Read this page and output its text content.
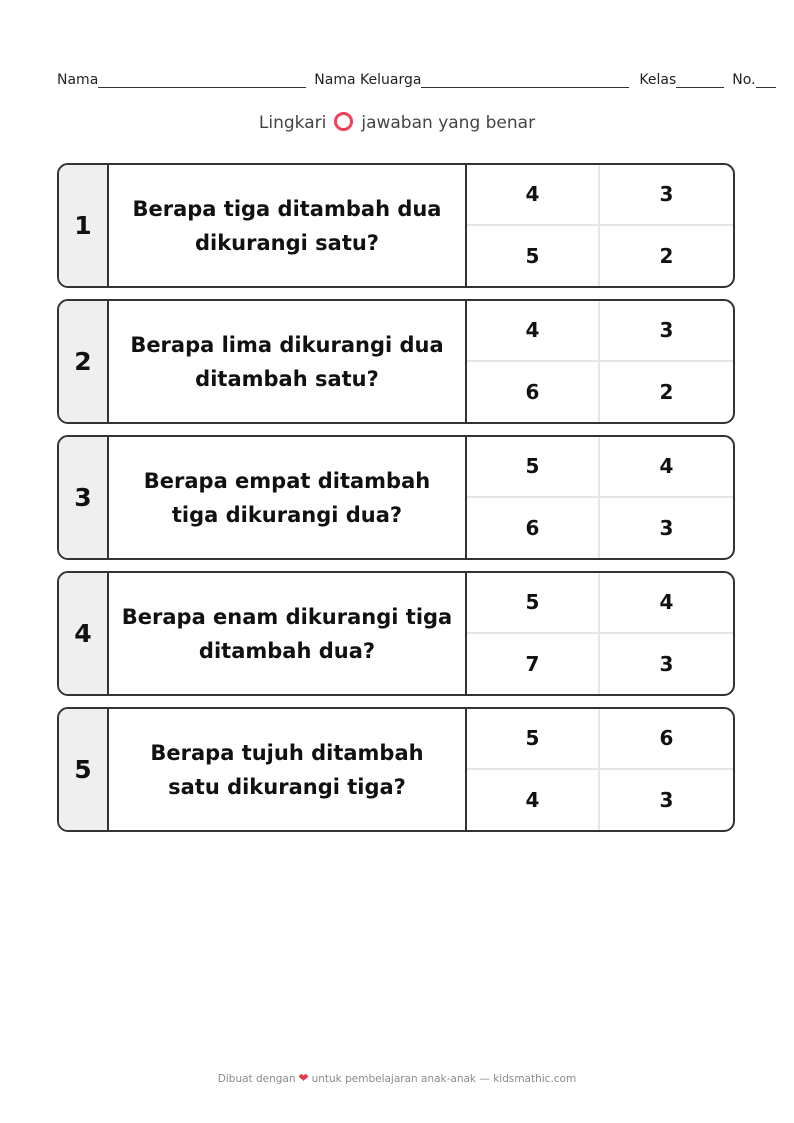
Nama	Nama Keluarga	Kelas	No.
Lingkari jawaban yang benar
1
Berapa tiga ditambah dua
dikurangi satu?
4	3
5	2
2
Berapa lima dikurangi dua
ditambah satu?
4	3
6	2
3
Berapa empat ditambah
tiga dikurangi dua?
5	4
6	3
4
Berapa enam dikurangi tiga
ditambah dua?
5	4
7	3
5
Berapa tujuh ditambah
satu dikurangi tiga?
5	6
4	3
Dibuat dengan ❤ untuk pembelajaran anak-anak — kidsmathic.com
